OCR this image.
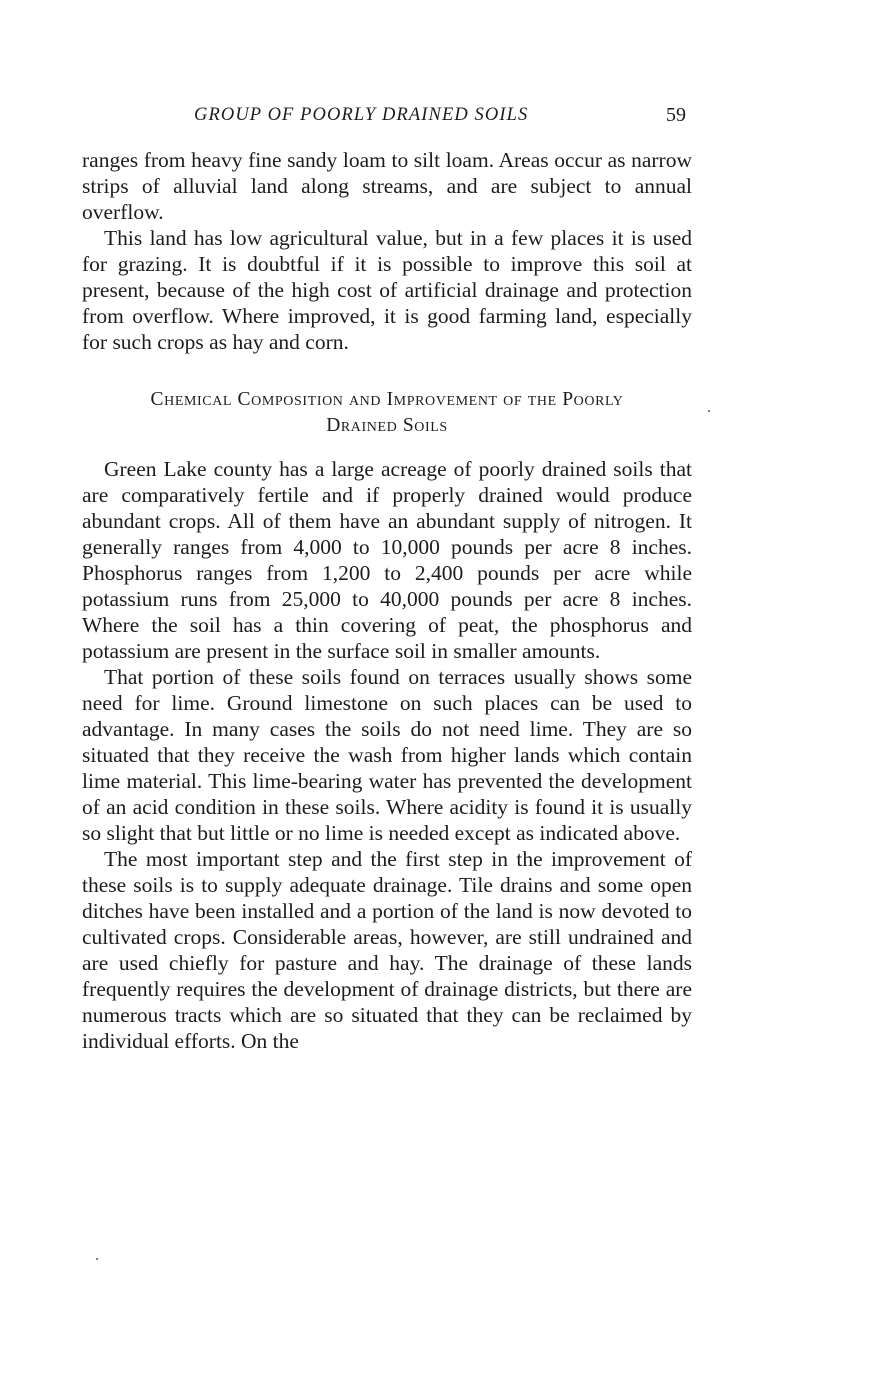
GROUP OF POORLY DRAINED SOILS	59

ranges from heavy fine sandy loam to silt loam. Areas occur as narrow strips of alluvial land along streams, and are subject to annual overflow.

This land has low agricultural value, but in a few places it is used for grazing. It is doubtful if it is possible to improve this soil at present, because of the high cost of artificial drainage and protection from overflow. Where improved, it is good farming land, especially for such crops as hay and corn.

Chemical Composition and Improvement of the Poorly
Drained Soils

Green Lake county has a large acreage of poorly drained soils that are comparatively fertile and if properly drained would produce abundant crops. All of them have an abundant supply of nitrogen. It generally ranges from 4,000 to 10,000 pounds per acre 8 inches. Phosphorus ranges from 1,200 to 2,400 pounds per acre while potassium runs from 25,000 to 40,000 pounds per acre 8 inches. Where the soil has a thin covering of peat, the phosphorus and potassium are present in the surface soil in smaller amounts.

That portion of these soils found on terraces usually shows some need for lime. Ground limestone on such places can be used to advantage. In many cases the soils do not need lime. They are so situated that they receive the wash from higher lands which contain lime material. This lime-bearing water has prevented the development of an acid condition in these soils. Where acidity is found it is usually so slight that but little or no lime is needed except as indicated above.

The most important step and the first step in the improvement of these soils is to supply adequate drainage. Tile drains and some open ditches have been installed and a portion of the land is now devoted to cultivated crops. Considerable areas, however, are still undrained and are used chiefly for pasture and hay. The drainage of these lands frequently requires the development of drainage districts, but there are numerous tracts which are so situated that they can be reclaimed by individual efforts. On the
